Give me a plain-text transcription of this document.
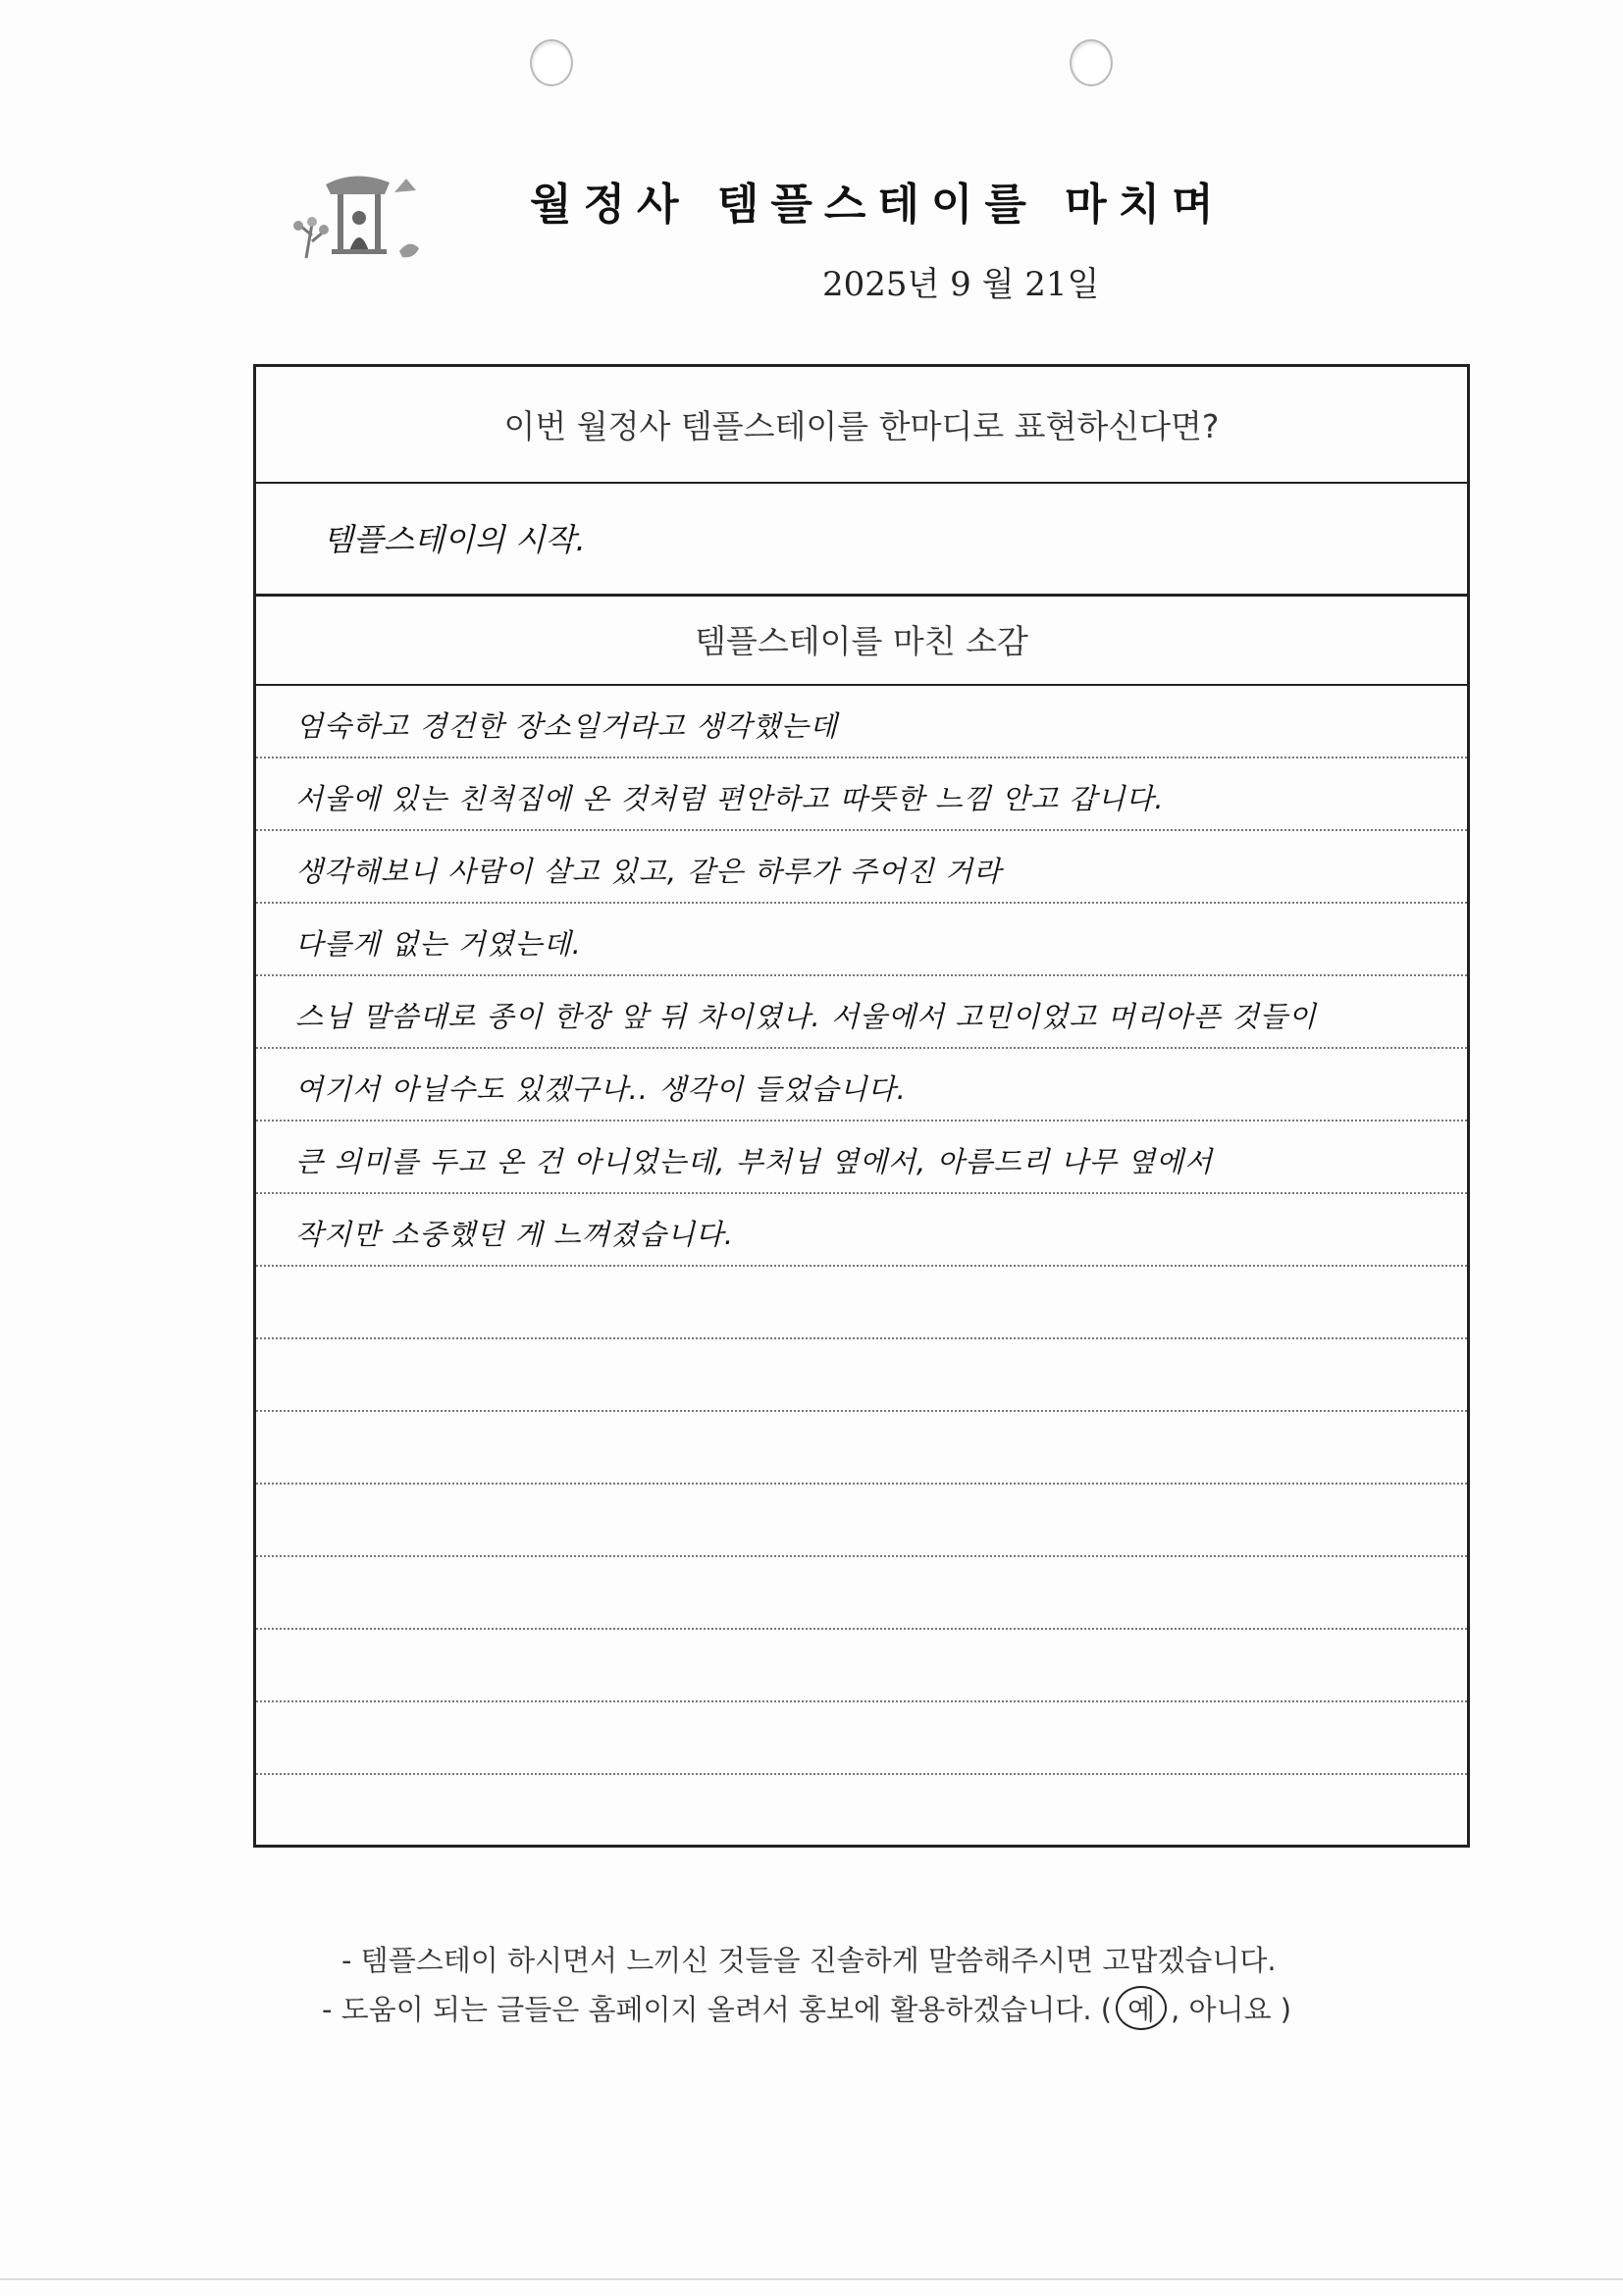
월정사 템플스테이를 마치며
2025년 9 월 21일
이번 월정사 템플스테이를 한마디로 표현하신다면?
템플스테이의 시작.
템플스테이를 마친 소감
엄숙하고 경건한 장소일거라고 생각했는데
서울에 있는 친척집에 온 것처럼 편안하고 따뜻한 느낌 안고 갑니다.
생각해보니 사람이 살고 있고, 같은 하루가 주어진 거라
다를게 없는 거였는데.
스님 말씀대로 종이 한장 앞 뒤 차이였나. 서울에서 고민이었고 머리아픈 것들이
여기서 아닐수도 있겠구나.. 생각이 들었습니다.
큰 의미를 두고 온 건 아니었는데, 부처님 옆에서, 아름드리 나무 옆에서
작지만 소중했던 게 느껴졌습니다.
- 템플스테이 하시면서 느끼신 것들을 진솔하게 말씀해주시면 고맙겠습니다.
- 도움이 되는 글들은 홈페이지 올려서 홍보에 활용하겠습니다. ( 예 , 아니요 )
